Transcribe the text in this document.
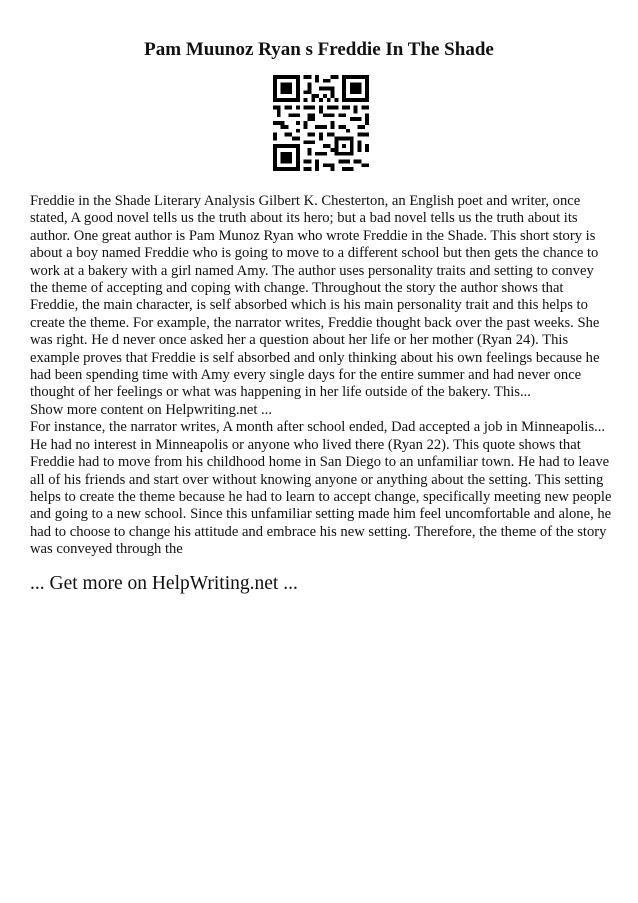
Pam Muunoz Ryan s Freddie In The Shade

Freddie in the Shade Literary Analysis Gilbert K. Chesterton, an English poet and writer, once stated, A good novel tells us the truth about its hero; but a bad novel tells us the truth about its author. One great author is Pam Munoz Ryan who wrote Freddie in the Shade. This short story is about a boy named Freddie who is going to move to a different school but then gets the chance to work at a bakery with a girl named Amy. The author uses personality traits and setting to convey the theme of accepting and coping with change. Throughout the story the author shows that Freddie, the main character, is self absorbed which is his main personality trait and this helps to create the theme. For example, the narrator writes, Freddie thought back over the past weeks. She was right. He d never once asked her a question about her life or her mother (Ryan 24). This example proves that Freddie is self absorbed and only thinking about his own feelings because he had been spending time with Amy every single days for the entire summer and had never once thought of her feelings or what was happening in her life outside of the bakery. This...

Show more content on Helpwriting.net ...

For instance, the narrator writes, A month after school ended, Dad accepted a job in Minneapolis... He had no interest in Minneapolis or anyone who lived there (Ryan 22). This quote shows that Freddie had to move from his childhood home in San Diego to an unfamiliar town. He had to leave all of his friends and start over without knowing anyone or anything about the setting. This setting helps to create the theme because he had to learn to accept change, specifically meeting new people and going to a new school. Since this unfamiliar setting made him feel uncomfortable and alone, he had to choose to change his attitude and embrace his new setting. Therefore, the theme of the story was conveyed through the

... Get more on HelpWriting.net ...
